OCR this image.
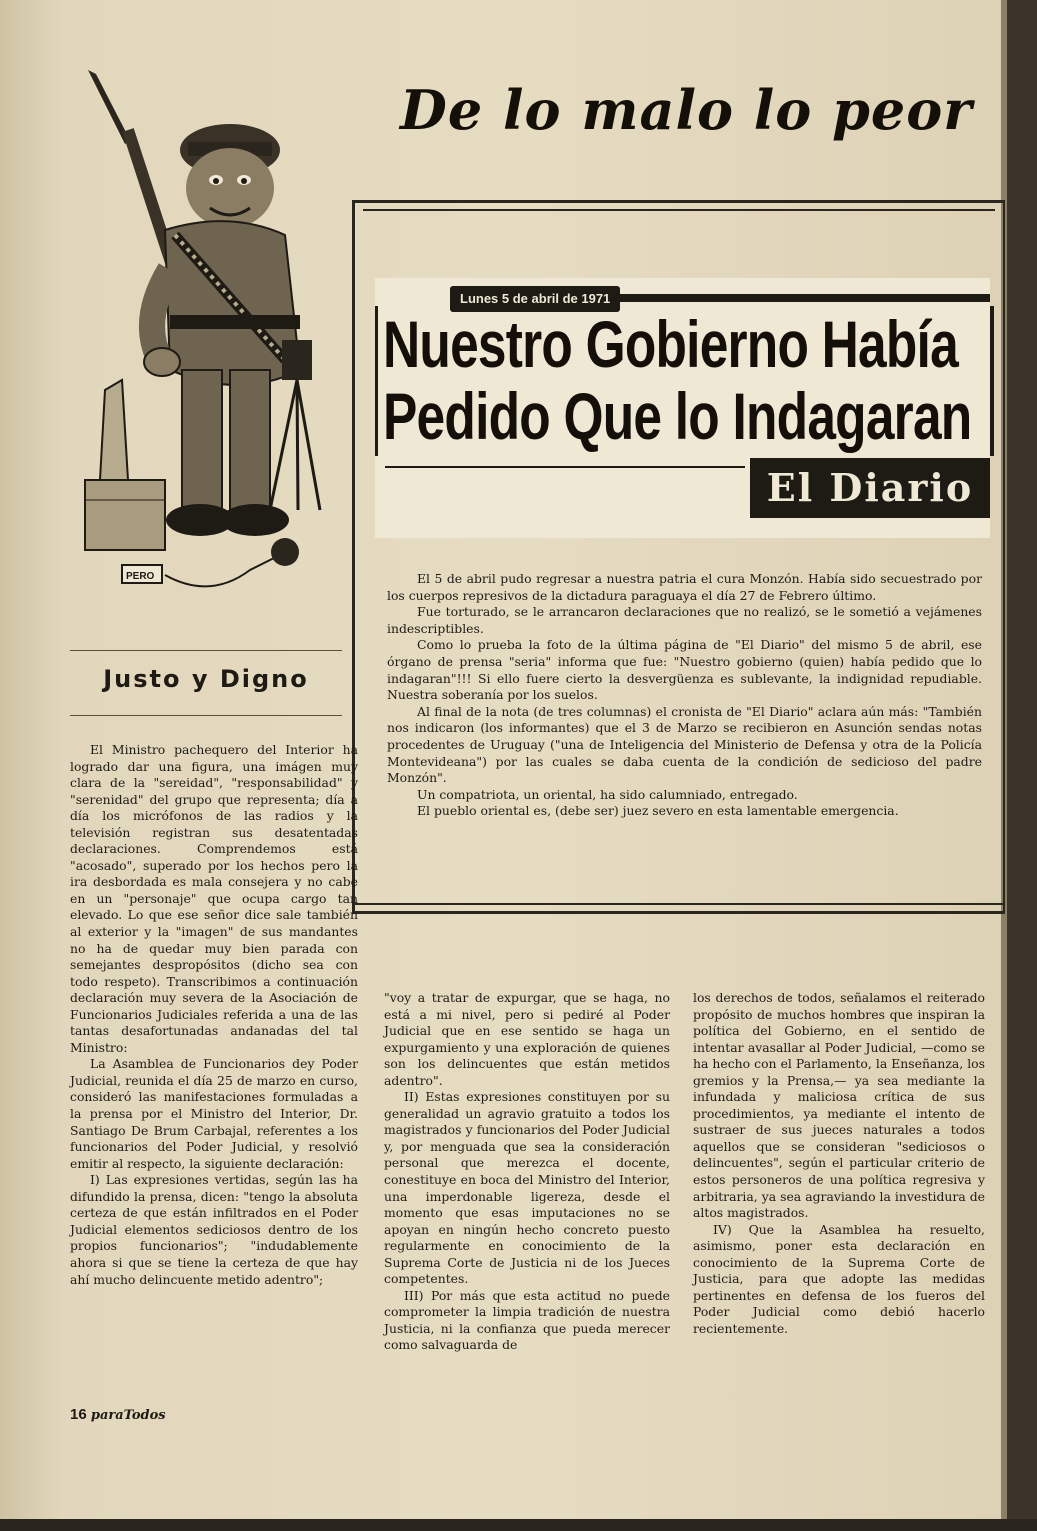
De lo malo lo peor
PERO
Lunes 5 de abril de 1971
Nuestro Gobierno Había
Pedido Que lo Indagaran
El Diario

El 5 de abril pudo regresar a nuestra patria el cura Monzón. Había sido secuestrado por los cuerpos represivos de la dictadura paraguaya el día 27 de Febrero último.

Fue torturado, se le arrancaron declaraciones que no realizó, se le sometió a vejámenes indescriptibles.

Como lo prueba la foto de la última página de "El Diario" del mismo 5 de abril, ese órgano de prensa "seria" informa que fue: "Nuestro gobierno (quien) había pedido que lo indagaran"!!! Si ello fuere cierto la desvergüenza es sublevante, la indignidad repudiable. Nuestra soberanía por los suelos.

Al final de la nota (de tres columnas) el cronista de "El Diario" aclara aún más: "También nos indicaron (los informantes) que el 3 de Marzo se recibieron en Asunción sendas notas procedentes de Uruguay ("una de Inteligencia del Ministerio de Defensa y otra de la Policía Montevideana") por las cuales se daba cuenta de la condición de sedicioso del padre Monzón".

Un compatriota, un oriental, ha sido calumniado, entregado.

El pueblo oriental es, (debe ser) juez severo en esta lamentable emergencia.

Justo y Digno

El Ministro pachequero del Interior ha logrado dar una figura, una imágen muy clara de la "sereidad", "responsabilidad" y "serenidad" del grupo que representa; día a día los micrófonos de las radios y la televisión registran sus desatentadas declaraciones. Comprendemos está "acosado", superado por los hechos pero la ira desbordada es mala consejera y no cabe en un "personaje" que ocupa cargo tan elevado. Lo que ese señor dice sale también al exterior y la "imagen" de sus mandantes no ha de quedar muy bien parada con semejantes despropósitos (dicho sea con todo respeto). Transcribimos a continuación declaración muy severa de la Asociación de Funcionarios Judiciales referida a una de las tantas desafortunadas andanadas del tal Ministro:

La Asamblea de Funcionarios dey Poder Judicial, reunida el día 25 de marzo en curso, consideró las manifestaciones formuladas a la prensa por el Ministro del Interior, Dr. Santiago De Brum Carbajal, referentes a los funcionarios del Poder Judicial, y resolvió emitir al respecto, la siguiente declaración:

I) Las expresiones vertidas, según las ha difundido la prensa, dicen: "tengo la absoluta certeza de que están infiltrados en el Poder Judicial elementos sediciosos dentro de los propios funcionarios"; "indudablemente ahora si que se tiene la certeza de que hay ahí mucho delincuente metido adentro";

"voy a tratar de expurgar, que se haga, no está a mi nivel, pero si pediré al Poder Judicial que en ese sentido se haga un expurgamiento y una exploración de quienes son los delincuentes que están metidos adentro".

II) Estas expresiones constituyen por su generalidad un agravio gratuito a todos los magistrados y funcionarios del Poder Judicial y, por menguada que sea la consideración personal que merezca el docente, conestituye en boca del Ministro del Interior, una imperdonable ligereza, desde el momento que esas imputaciones no se apoyan en ningún hecho concreto puesto regularmente en conocimiento de la Suprema Corte de Justicia ni de los Jueces competentes.

III) Por más que esta actitud no puede comprometer la limpia tradición de nuestra Justicia, ni la confianza que pueda merecer como salvaguarda de

los derechos de todos, señalamos el reiterado propósito de muchos hombres que inspiran la política del Gobierno, en el sentido de intentar avasallar al Poder Judicial, —como se ha hecho con el Parlamento, la Enseñanza, los gremios y la Prensa,— ya sea mediante la infundada y maliciosa crítica de sus procedimientos, ya mediante el intento de sustraer de sus jueces naturales a todos aquellos que se consideran "sediciosos o delincuentes", según el particular criterio de estos personeros de una política regresiva y arbitraria, ya sea agraviando la investidura de altos magistrados.

IV) Que la Asamblea ha resuelto, asimismo, poner esta declaración en conocimiento de la Suprema Corte de Justicia, para que adopte las medidas pertinentes en defensa de los fueros del Poder Judicial como debió hacerlo recientemente.

16 paraTodos
